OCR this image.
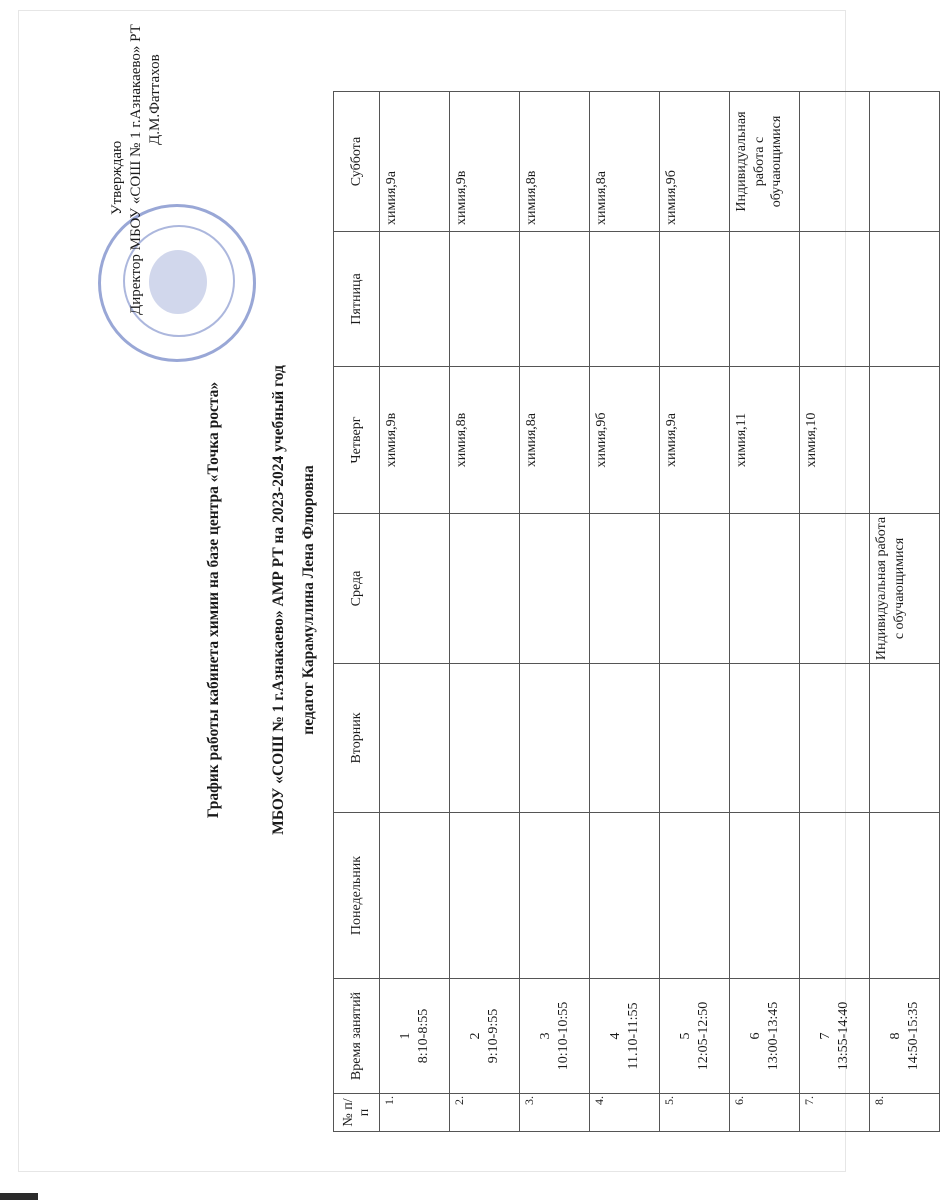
Утверждаю Директор МБОУ «СОШ № 1 г.Азнакаево» РТ Д.М.Фаттахов
График работы кабинета химии на базе центра «Точка роста»	МБОУ «СОШ № 1 г.Азнакаево» АМР РТ на 2023-2024 учебный год педагог Карамуллина Лена Флюровна
№ п/п	Время занятий	Понедельник	Вторник	Среда	Четверг	Пятница	Суббота
1.	1 8:10-8:55				химия,9в		химия,9а
2.	2 9:10-9:55				химия,8в		химия,9в
3.	3 10:10-10:55				химия,8а		химия,8в
4.	4 11.10-11:55				химия,9б		химия,8а
5.	5 12:05-12:50				химия,9а		химия,9б
6.	6 13:00-13:45				химия,11		Индивидуальная работа с обучающимися
7.	7 13:55-14:40				химия,10		
8.	8 14:50-15:35			Индивидуальная работа с обучающимися			
